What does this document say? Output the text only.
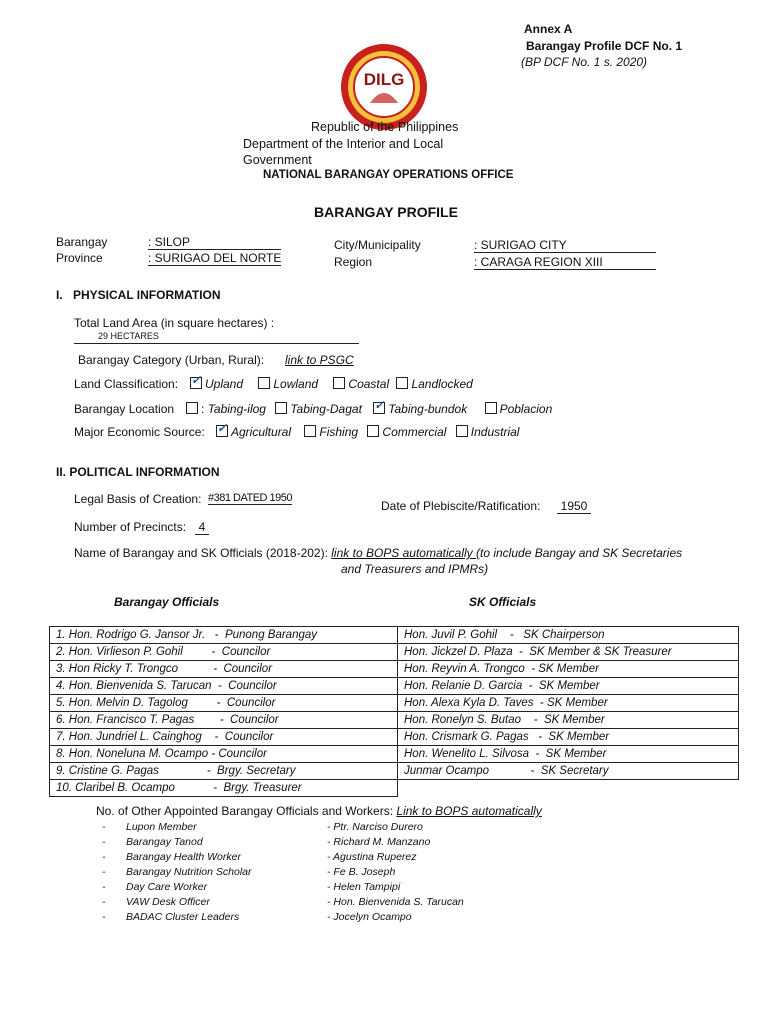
Annex A
Barangay Profile DCF No. 1
(BP DCF No. 1 s. 2020)
DILG
Republic of the Philippines
Department of the Interior and Local
Government
NATIONAL BARANGAY OPERATIONS OFFICE
BARANGAY PROFILE
Barangay	: SILOP
Province	: SURIGAO DEL NORTE
City/Municipality	: SURIGAO CITY
Region	: CARAGA REGION XIII
I. PHYSICAL INFORMATION
Total Land Area (in square hectares) :
29 HECTARES
Barangay Category (Urban, Rural): link to PSGC
Land Classification: ✓	Upland	Lowland	Coastal Landlocked
Barangay Location	: Tabing-ilog Tabing-Dagat ✓ Tabing-bundok	Poblacion
Major Economic Source: ✓	Agricultural Fishing Commercial Industrial
II. POLITICAL INFORMATION
Legal Basis of Creation: #381 DATED 1950
Date of Plebiscite/Ratification:	1950
Number of Precincts:	4
Name of Barangay and SK Officials (2018-202): link to BOPS automatically (to include Bangay and SK Secretaries
and Treasurers and IPMRs)
Barangay Officials	SK Officials
1. Hon. Rodrigo G. Jansor Jr.   -  Punong Barangay	Hon. Juvil P. Gohil    -   SK Chairperson
2. Hon. Virlieson P. Gohil         -  Councilor	Hon. Jickzel D. Plaza  -  SK Member & SK Treasurer
3. Hon Ricky T. Trongco           -  Councilor	Hon. Reyvin A. Trongco  - SK Member
4. Hon. Bienvenida S. Tarucan  -  Councilor	Hon. Relanie D. Garcia  -  SK Member
5. Hon. Melvin D. Tagolog         -  Councilor	Hon. Alexa Kyla D. Taves  - SK Member
6. Hon. Francisco T. Pagas        -  Councilor	Hon. Ronelyn S. Butao    -  SK Member
7. Hon. Jundriel L. Cainghog    -  Councilor	Hon. Crismark G. Pagas   -  SK Member
8. Hon. Noneluna M. Ocampo - Councilor	Hon. Wenelito L. Silvosa  -  SK Member
9. Cristine G. Pagas               -  Brgy. Secretary	Junmar Ocampo             -  SK Secretary
10. Claribel B. Ocampo            -  Brgy. Treasurer	
No. of Other Appointed Barangay Officials and Workers: Link to BOPS automatically
- Lupon Member	- Ptr. Narciso Durero
- Barangay Tanod	- Richard M. Manzano
- Barangay Health Worker	- Agustina Ruperez
- Barangay Nutrition Scholar	- Fe B. Joseph
- Day Care Worker	- Helen Tampipi
- VAW Desk Officer	- Hon. Bienvenida S. Tarucan
- BADAC Cluster Leaders	- Jocelyn Ocampo
